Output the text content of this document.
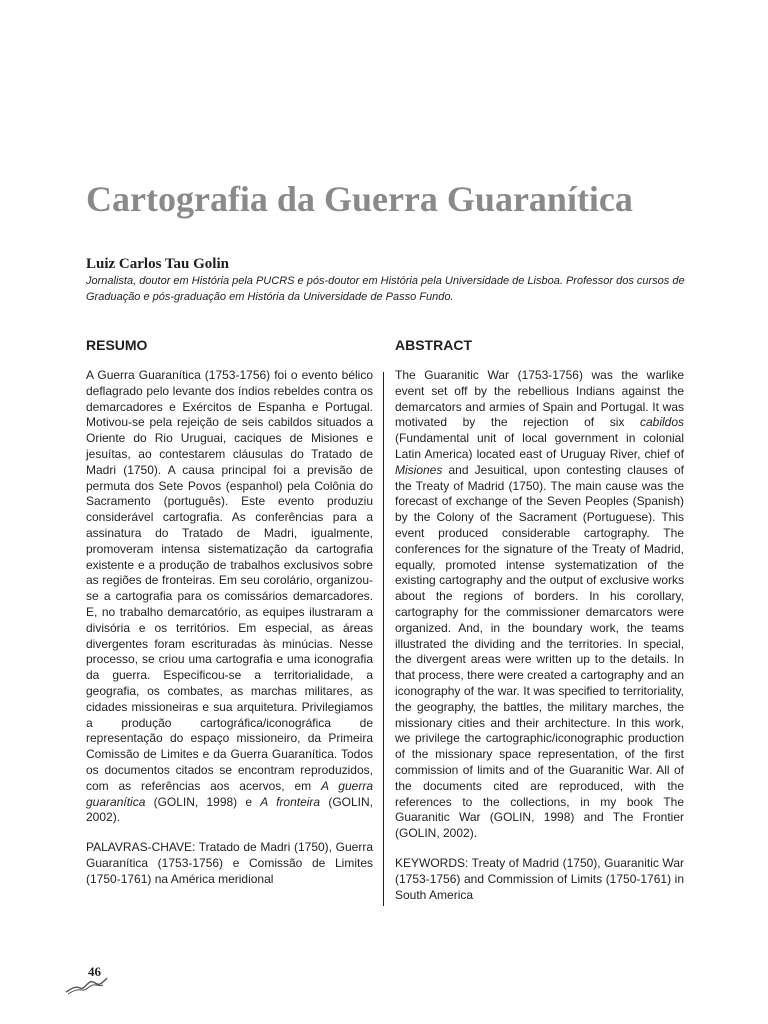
Cartografia da Guerra Guaranítica

Luiz Carlos Tau Golin

Jornalista, doutor em História pela PUCRS e pós-doutor em História pela Universidade de Lisboa. Professor dos cursos de Graduação e pós-graduação em História da Universidade de Passo Fundo.

RESUMO

A Guerra Guaranítica (1753-1756) foi o evento bélico deflagrado pelo levante dos índios rebeldes contra os demarcadores e Exércitos de Espanha e Portugal. Motivou-se pela rejeição de seis cabildos situados a Oriente do Rio Uruguai, caciques de Misiones e jesuítas, ao contestarem cláusulas do Tratado de Madri (1750). A causa principal foi a previsão de permuta dos Sete Povos (espanhol) pela Colônia do Sacramento (português). Este evento produziu considerável cartografia. As conferências para a assinatura do Tratado de Madri, igualmente, promoveram intensa sistematização da cartografia existente e a produção de trabalhos exclusivos sobre as regiões de fronteiras. Em seu corolário, organizou-se a cartografia para os comissários demarcadores. E, no trabalho demarcatório, as equipes ilustraram a divisória e os territórios. Em especial, as áreas divergentes foram escrituradas às minúcias. Nesse processo, se criou uma cartografia e uma iconografia da guerra. Especificou-se a territorialidade, a geografia, os combates, as marchas militares, as cidades missioneiras e sua arquitetura. Privilegiamos a produção cartográfica/iconográfica de representação do espaço missioneiro, da Primeira Comissão de Limites e da Guerra Guaranítica. Todos os documentos citados se encontram reproduzidos, com as referências aos acervos, em A guerra guaranítica (GOLIN, 1998) e A fronteira (GOLIN, 2002).

PALAVRAS-CHAVE: Tratado de Madri (1750), Guerra Guaranítica (1753-1756) e Comissão de Limites (1750-1761) na América meridional

ABSTRACT

The Guaranitic War (1753-1756) was the warlike event set off by the rebellious Indians against the demarcators and armies of Spain and Portugal. It was motivated by the rejection of six cabildos (Fundamental unit of local government in colonial Latin America) located east of Uruguay River, chief of Misiones and Jesuitical, upon contesting clauses of the Treaty of Madrid (1750). The main cause was the forecast of exchange of the Seven Peoples (Spanish) by the Colony of the Sacrament (Portuguese). This event produced considerable cartography. The conferences for the signature of the Treaty of Madrid, equally, promoted intense systematization of the existing cartography and the output of exclusive works about the regions of borders. In his corollary, cartography for the commissioner demarcators were organized. And, in the boundary work, the teams illustrated the dividing and the territories. In special, the divergent areas were written up to the details. In that process, there were created a cartography and an iconography of the war. It was specified to territoriality, the geography, the battles, the military marches, the missionary cities and their architecture. In this work, we privilege the cartographic/iconographic production of the missionary space representation, of the first commission of limits and of the Guaranitic War. All of the documents cited are reproduced, with the references to the collections, in my book The Guaranitic War (GOLIN, 1998) and The Frontier (GOLIN, 2002).

KEYWORDS: Treaty of Madrid (1750), Guaranitic War (1753-1756) and Commission of Limits (1750-1761) in South America

46
